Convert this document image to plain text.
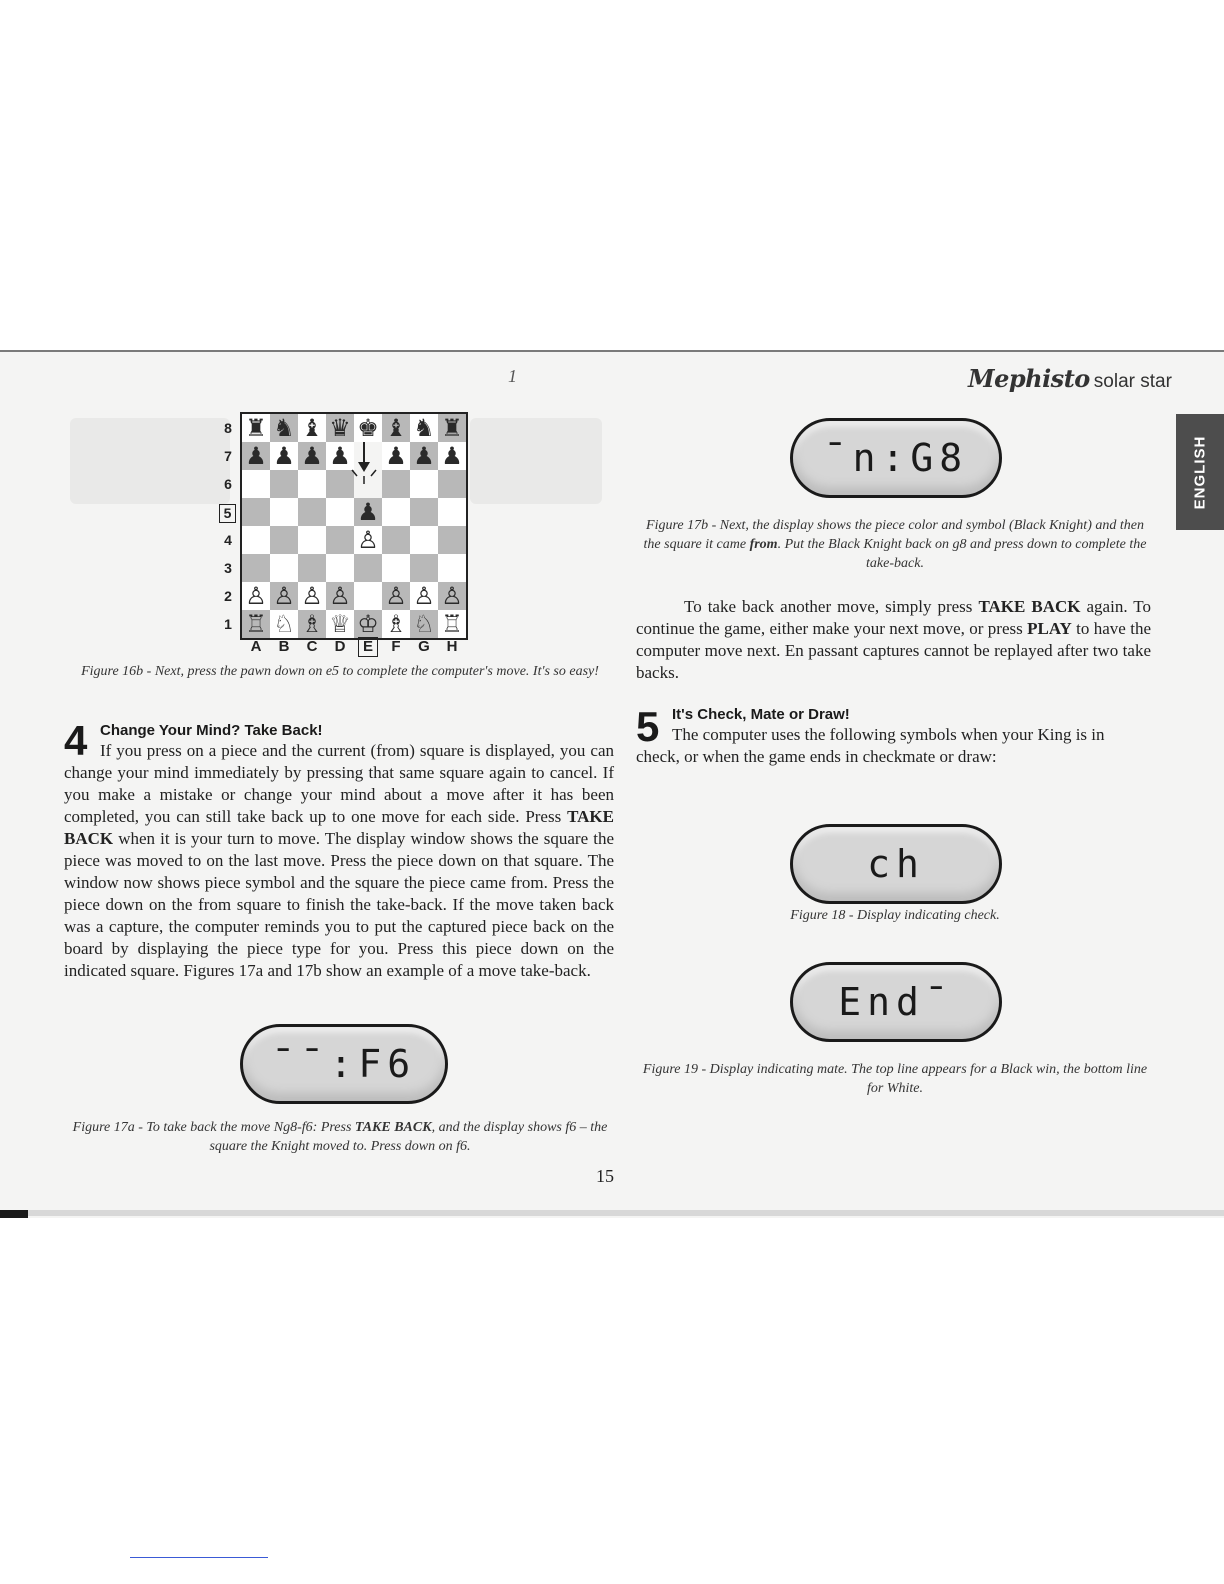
1	Mephisto solar star
ENGLISH
♜ ♞ ♝ ♛ ♚ ♝ ♞ ♜
♟ ♟ ♟ ♟ ♟ ♟ ♟
♟
♙
♙ ♙ ♙ ♙ ♙ ♙ ♙
♖ ♘ ♗ ♕ ♔ ♗ ♘ ♖
8
7
6
5
4
3
2
1
A	B	C	D	E	F	G	H
Figure 16b - Next, press the pawn down on e5 to complete the computer's move. It's so easy!
4 Change Your Mind? Take Back!
If you press on a piece and the current (from) square is displayed, you can change your mind immediately by pressing that same square again to cancel. If you make a mistake or change your mind about a move after it has been completed, you can still take back up to one move for each side. Press TAKE BACK when it is your turn to move. The display window shows the square the piece was moved to on the last move. Press the piece down on that square. The window now shows piece symbol and the square the piece came from. Press the piece down on the from square to finish the take-back. If the move taken back was a capture, the computer reminds you to put the captured piece back on the board by displaying the piece type for you. Press this piece down on the indicated square. Figures 17a and 17b show an example of a move take-back.
¯¯:F6
Figure 17a - To take back the move Ng8-f6: Press TAKE BACK, and the display shows f6 – the square the Knight moved to. Press down on f6.
¯n:G8
Figure 17b - Next, the display shows the piece color and symbol (Black Knight) and then the square it came from. Put the Black Knight back on g8 and press down to complete the take-back.
To take back another move, simply press TAKE BACK again. To continue the game, either make your next move, or press PLAY to have the computer move next. En passant captures cannot be replayed after two take backs.
5 It's Check, Mate or Draw!
The computer uses the following symbols when your King is in check, or when the game ends in checkmate or draw:
ch
Figure 18 - Display indicating check.
End¯
Figure 19 - Display indicating mate. The top line appears for a Black win, the bottom line for White.
15
